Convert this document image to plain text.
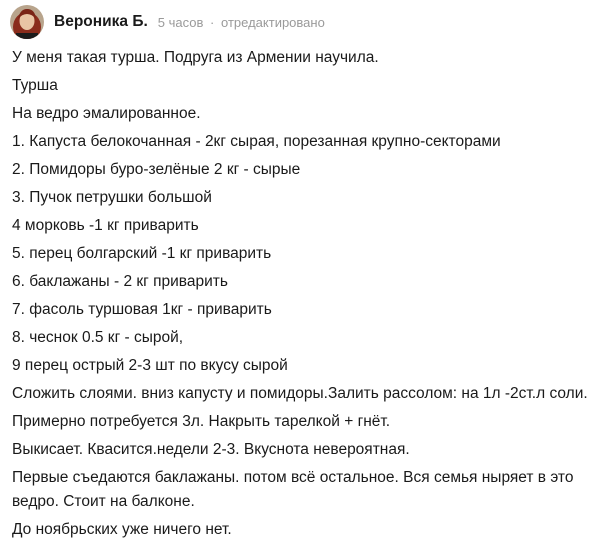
Вероника Б. 5 часов · отредактировано
У меня такая турша. Подруга из Армении научила.
Турша
На ведро эмалированное.
1. Капуста белокочанная - 2кг сырая, порезанная крупно-секторами
2. Помидоры буро-зелёные 2 кг - сырые
3. Пучок петрушки большой
4 морковь -1 кг приварить
5. перец болгарский -1 кг приварить
6. баклажаны - 2 кг приварить
7. фасоль туршовая 1кг - приварить
8. чеснок 0.5 кг - сырой,
9 перец острый 2-3 шт по вкусу сырой
Сложить слоями. вниз капусту и помидоры.Залить рассолом: на 1л -2ст.л соли.
Примерно потребуется 3л. Накрыть тарелкой + гнёт.
Выкисает. Квасится.недели 2-3. Вкуснота невероятная.
Первые съедаются баклажаны. потом всё остальное. Вся семья ныряет в это ведро. Стоит на балконе.
До ноябрьских уже ничего нет.
